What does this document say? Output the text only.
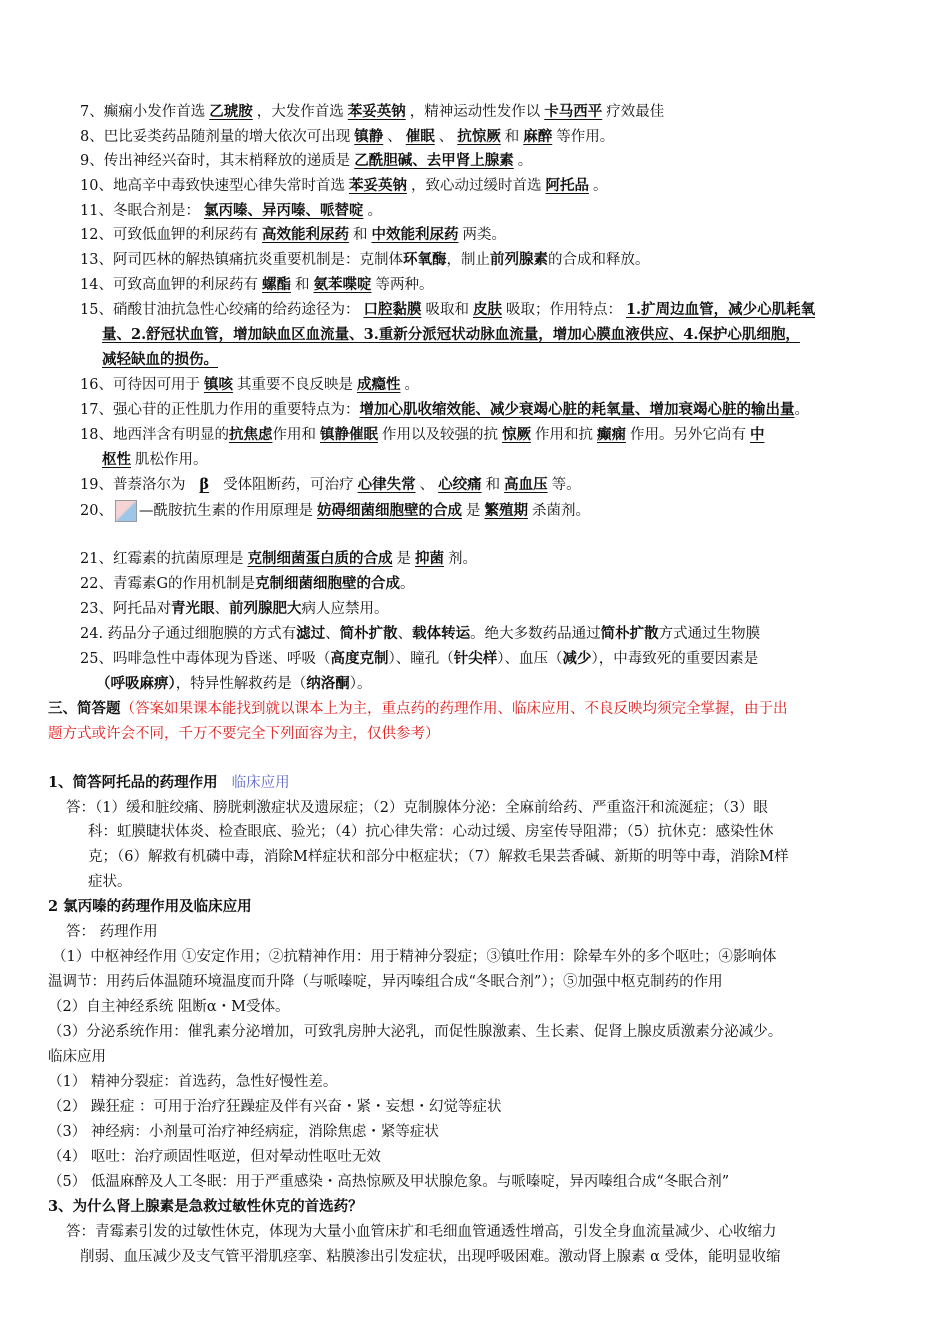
7、癫痫小发作首选 乙琥胺 ，大发作首选 苯妥英钠 ，精神运动性发作以 卡马西平 疗效最佳
8、巴比妥类药品随剂量的增大依次可出现 镇静 、 催眠 、 抗惊厥 和 麻醉 等作用。
9、传出神经兴奋时，其末梢释放的递质是 乙酰胆碱、去甲肾上腺素 。
10、地高辛中毒致快速型心律失常时首选 苯妥英钠 ，致心动过缓时首选 阿托品 。
11、冬眠合剂是： 氯丙嗪、异丙嗪、哌替啶 。
12、可致低血钾的利尿药有 高效能利尿药 和 中效能利尿药 两类。
13、阿司匹林的解热镇痛抗炎重要机制是：克制体环氧酶，制止前列腺素的合成和释放。
14、可致高血钾的利尿药有 螺酯 和 氨苯喋啶 等两种。
15、硝酸甘油抗急性心绞痛的给药途径为： 口腔黏膜 吸取和 皮肤 吸取；作用特点： 1.扩周边血管，减少心肌耗氧
量、2.舒冠状血管，增加缺血区血流量、3.重新分派冠状动脉血流量，增加心膜血液供应、4.保护心肌细胞，
减轻缺血的损伤。
16、可待因可用于 镇咳 其重要不良反映是 成瘾性 。
17、强心苷的正性肌力作用的重要特点为：增加心肌收缩效能、减少衰竭心脏的耗氧量、增加衰竭心脏的输出量。
18、地西泮含有明显的抗焦虑作用和 镇静催眠 作用以及较强的抗 惊厥 作用和抗 癫痫 作用。另外它尚有 中
枢性 肌松作用。
19、普萘洛尔为 β 受体阻断药，可治疗 心律失常 、 心绞痛 和 高血压 等。
20、 —酰胺抗生素的作用原理是 妨碍细菌细胞壁的合成 是 繁殖期 杀菌剂。
21、红霉素的抗菌原理是 克制细菌蛋白质的合成 是 抑菌 剂。
22、青霉素G的作用机制是克制细菌细胞壁的合成。
23、阿托品对青光眼、前列腺肥大病人应禁用。
24. 药品分子通过细胞膜的方式有滤过、简朴扩散、载体转运。绝大多数药品通过简朴扩散方式通过生物膜
25、吗啡急性中毒体现为昏迷、呼吸（高度克制）、瞳孔（针尖样）、血压（减少），中毒致死的重要因素是
（呼吸麻痹），特异性解救药是（纳洛酮）。
三、简答题（答案如果课本能找到就以课本上为主，重点药的药理作用、临床应用、不良反映均须完全掌握，由于出
题方式或许会不同，千万不要完全下列面容为主，仅供参考）
1、简答阿托品的药理作用 临床应用
答：（1）缓和脏绞痛、膀胱刺激症状及遗尿症；（2）克制腺体分泌：全麻前给药、严重盗汗和流涎症；（3）眼
科：虹膜睫状体炎、检查眼底、验光；（4）抗心律失常：心动过缓、房室传导阻滞；（5）抗休克：感染性休
克；（6）解救有机磷中毒，消除M样症状和部分中枢症状；（7）解救毛果芸香碱、新斯的明等中毒，消除M样
症状。
2 氯丙嗪的药理作用及临床应用
答： 药理作用
（1）中枢神经作用 ①安定作用；②抗精神作用：用于精神分裂症；③镇吐作用：除晕车外的多个呕吐；④影响体
温调节：用药后体温随环境温度而升降（与哌嗪啶，异丙嗪组合成“冬眠合剂”）；⑤加强中枢克制药的作用
（2）自主神经系统 阻断α・M受体。
（3）分泌系统作用：催乳素分泌增加，可致乳房肿大泌乳，而促性腺激素、生长素、促肾上腺皮质激素分泌减少。
临床应用
（1） 精神分裂症：首选药，急性好慢性差。
（2） 躁狂症 ：可用于治疗狂躁症及伴有兴奋・紧・妄想・幻觉等症状
（3） 神经病：小剂量可治疗神经病症，消除焦虑・紧等症状
（4） 呕吐：治疗顽固性呕逆，但对晕动性呕吐无效
（5） 低温麻醉及人工冬眠：用于严重感染・高热惊厥及甲状腺危象。与哌嗪啶，异丙嗪组合成“冬眠合剂”
3、为什么肾上腺素是急救过敏性休克的首选药？
答：青霉素引发的过敏性休克，体现为大量小血管床扩和毛细血管通透性增高，引发全身血流量减少、心收缩力
削弱、血压减少及支气管平滑肌痉挛、粘膜渗出引发症状，出现呼吸困难。激动肾上腺素 α 受体，能明显收缩
